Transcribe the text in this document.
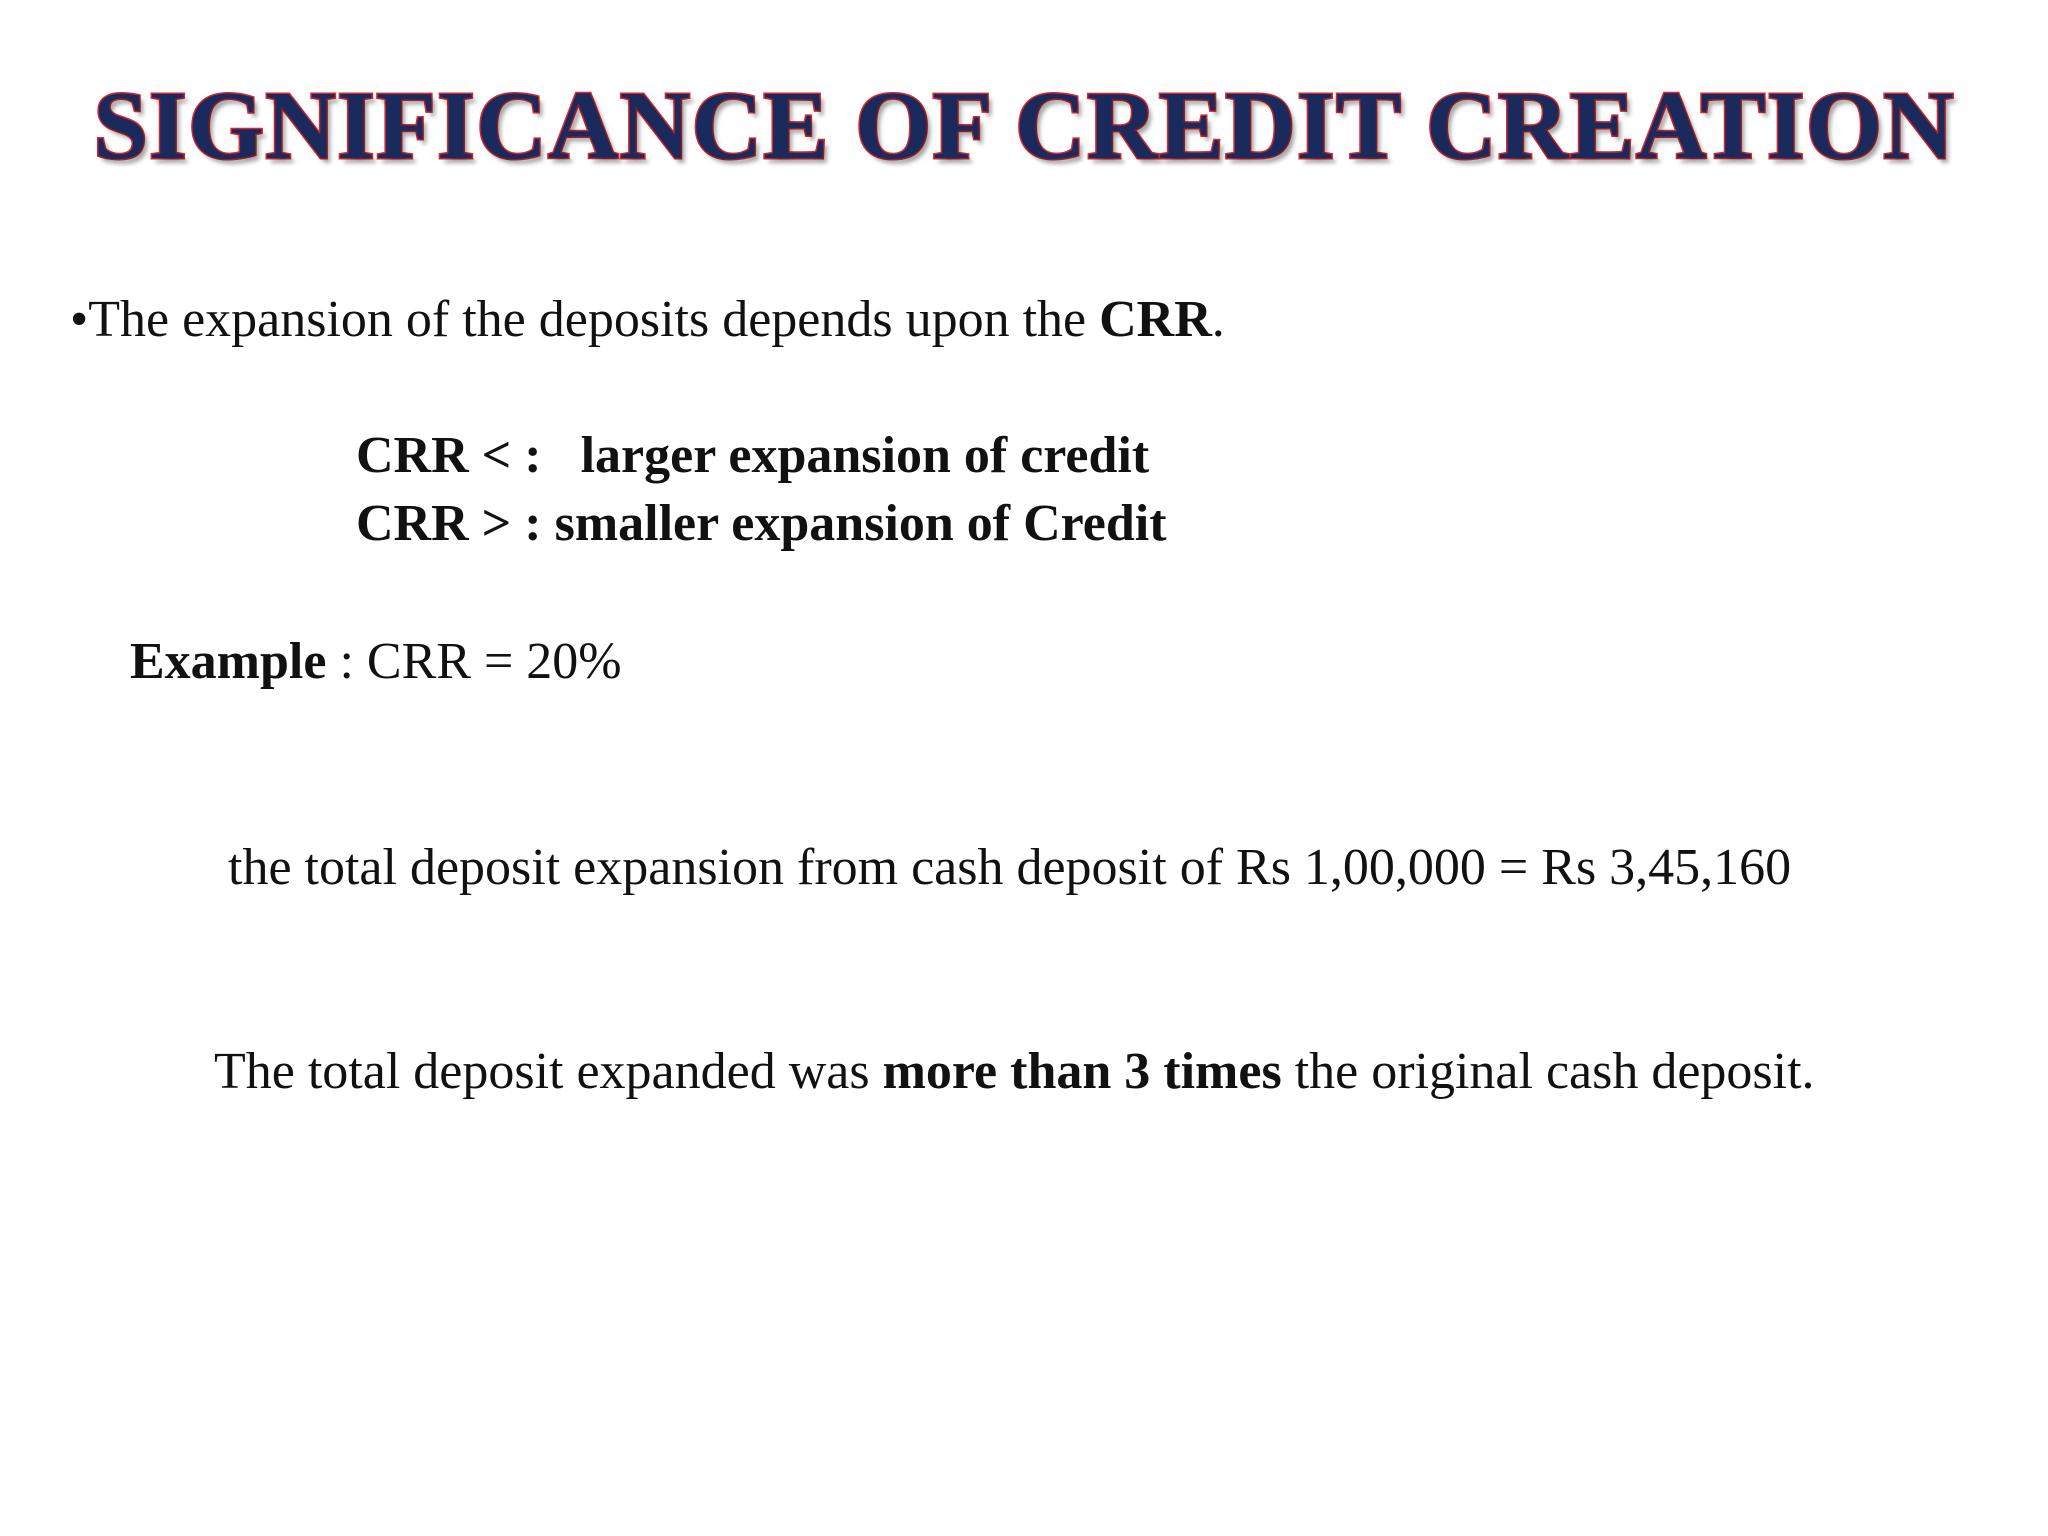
SIGNIFICANCE OF CREDIT CREATION
•The expansion of the deposits depends upon the CRR.
CRR < : larger expansion of credit
CRR > : smaller expansion of Credit
Example : CRR = 20%
the total deposit expansion from cash deposit of Rs 1,00,000 = Rs 3,45,160
The total deposit expanded was more than 3 times the original cash deposit.
